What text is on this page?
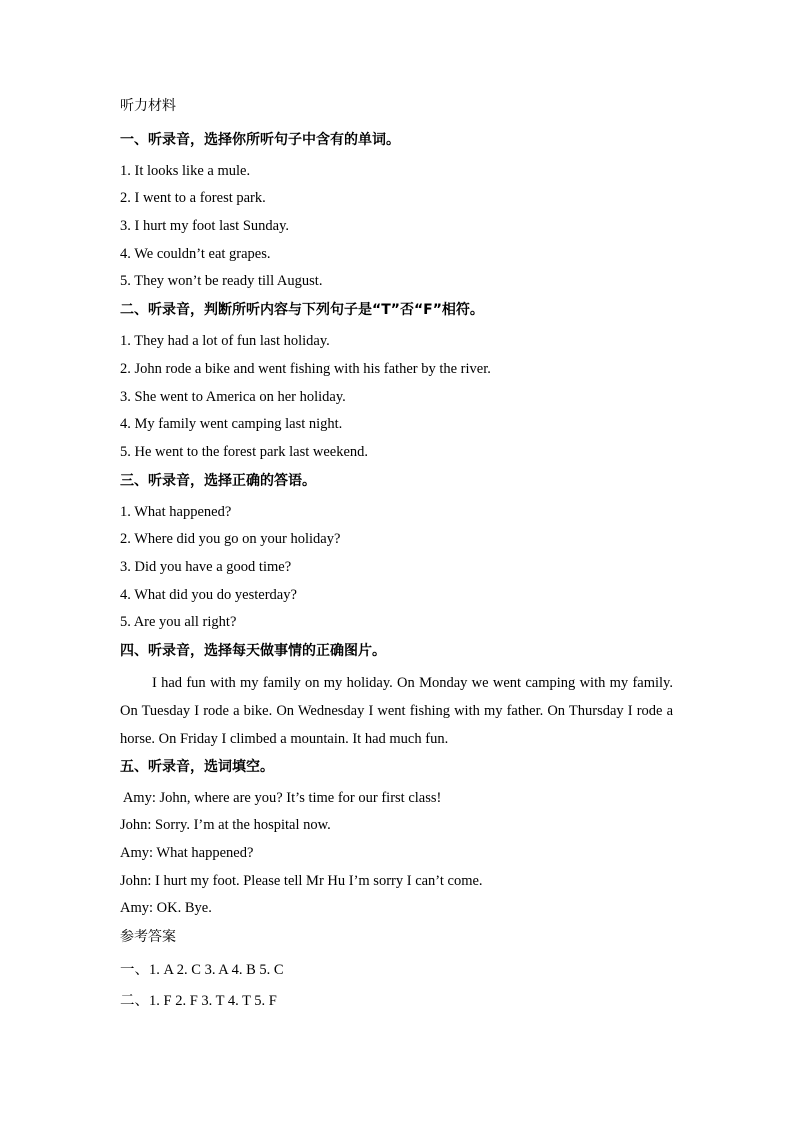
听力材料
一、听录音，选择你所听句子中含有的单词。
1. It looks like a mule.
2. I went to a forest park.
3. I hurt my foot last Sunday.
4. We couldn’t eat grapes.
5. They won’t be ready till August.
二、听录音，判断所听内容与下列句子是“T”否“F”相符。
1. They had a lot of fun last holiday.
2. John rode a bike and went fishing with his father by the river.
3. She went to America on her holiday.
4. My family went camping last night.
5. He went to the forest park last weekend.
三、听录音，选择正确的答语。
1. What happened?
2. Where did you go on your holiday?
3. Did you have a good time?
4. What did you do yesterday?
5. Are you all right?
四、听录音，选择每天做事情的正确图片。
I had fun with my family on my holiday. On Monday we went camping with my family. On Tuesday I rode a bike. On Wednesday I went fishing with my father. On Thursday I rode a horse. On Friday I climbed a mountain. It had much fun.
五、听录音，选词填空。
Amy: John, where are you? It’s time for our first class!
John: Sorry. I’m at the hospital now.
Amy: What happened?
John: I hurt my foot. Please tell Mr Hu I’m sorry I can’t come.
Amy: OK. Bye.
参考答案
一、1. A 2. C 3. A 4. B 5. C
二、1. F 2. F 3. T 4. T 5. F
